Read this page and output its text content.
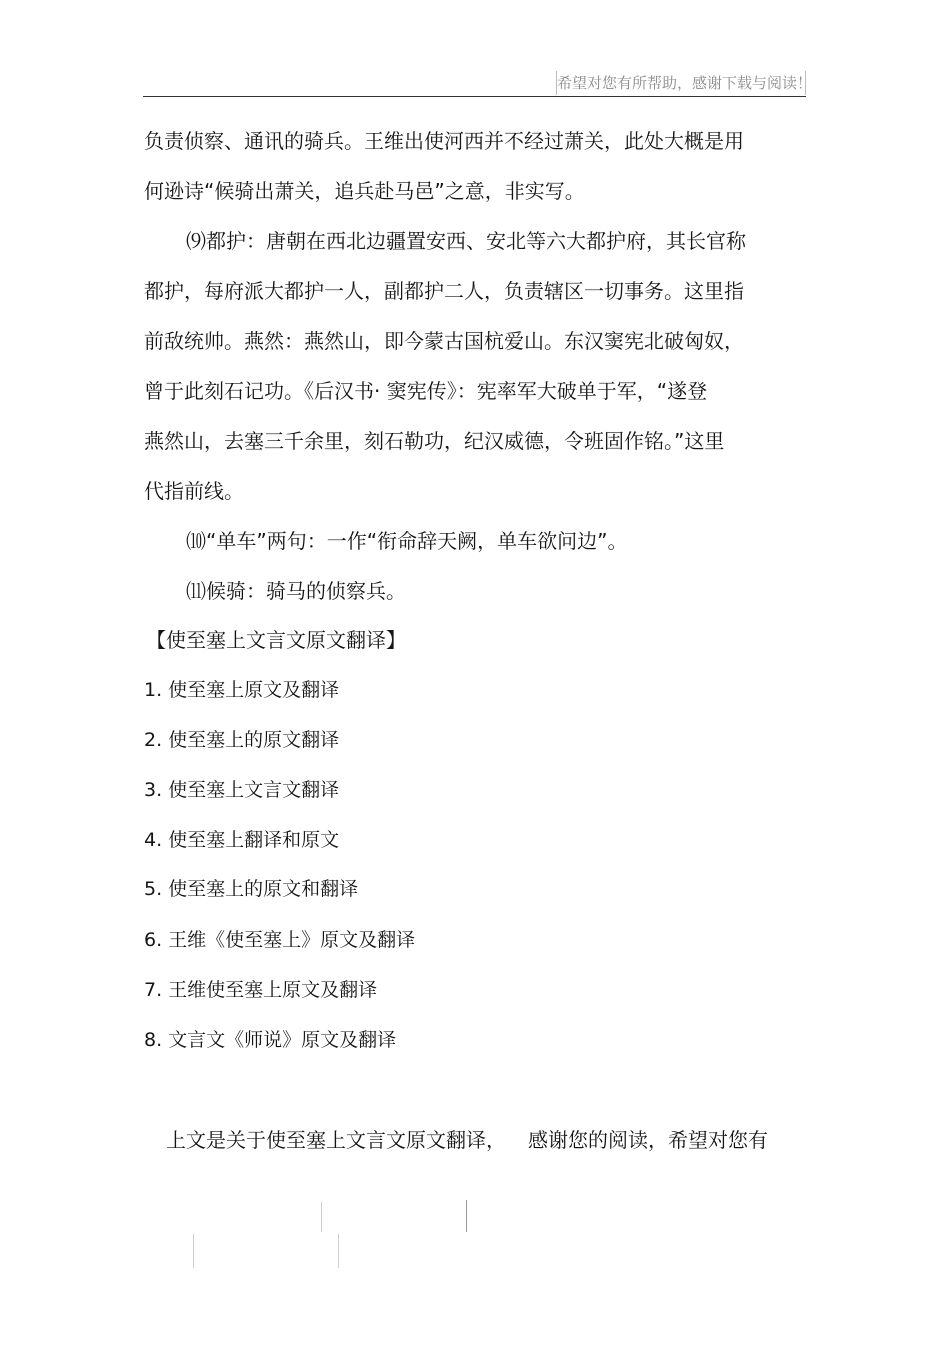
希望对您有所帮助，感谢下载与阅读！
负责侦察、通讯的骑兵。王维出使河西并不经过萧关，此处大概是用
何逊诗“候骑出萧关，追兵赴马邑”之意，非实写。
⑼都护：唐朝在西北边疆置安西、安北等六大都护府，其长官称
都护，每府派大都护一人，副都护二人，负责辖区一切事务。这里指
前敌统帅。燕然：燕然山，即今蒙古国杭爱山。东汉窦宪北破匈奴，
曾于此刻石记功。《后汉书· 窦宪传》：宪率军大破单于军，“遂登
燕然山，去塞三千余里，刻石勒功，纪汉威德，令班固作铭。”这里
代指前线。
⑽“单车”两句：一作“衔命辞天阙，单车欲问边”。
⑾候骑：骑马的侦察兵。
【使至塞上文言文原文翻译】
1. 使至塞上原文及翻译
2. 使至塞上的原文翻译
3. 使至塞上文言文翻译
4. 使至塞上翻译和原文
5. 使至塞上的原文和翻译
6. 王维《使至塞上》原文及翻译
7. 王维使至塞上原文及翻译
8. 文言文《师说》原文及翻译
上文是关于使至塞上文言文原文翻译， 感谢您的阅读，希望对您有
